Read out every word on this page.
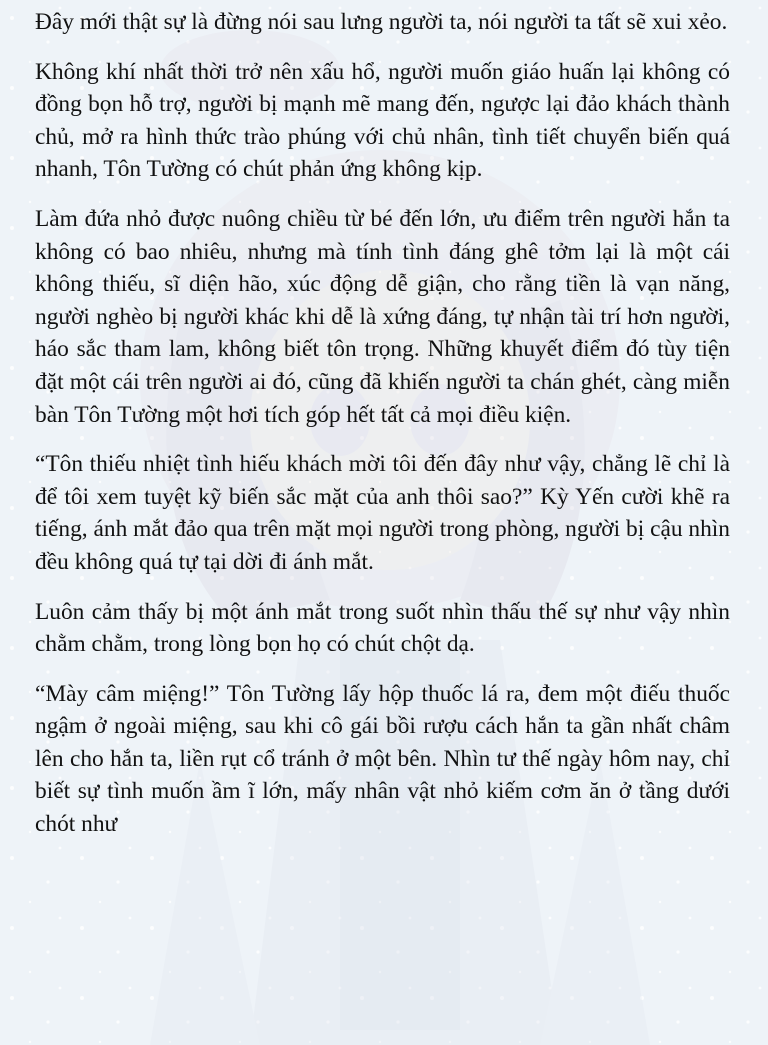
Đây mới thật sự là đừng nói sau lưng người ta, nói người ta tất sẽ xui xẻo.

Không khí nhất thời trở nên xấu hổ, người muốn giáo huấn lại không có đồng bọn hỗ trợ, người bị mạnh mẽ mang đến, ngược lại đảo khách thành chủ, mở ra hình thức trào phúng với chủ nhân, tình tiết chuyển biến quá nhanh, Tôn Tường có chút phản ứng không kịp.

Làm đứa nhỏ được nuông chiều từ bé đến lớn, ưu điểm trên người hắn ta không có bao nhiêu, nhưng mà tính tình đáng ghê tởm lại là một cái không thiếu, sĩ diện hão, xúc động dễ giận, cho rằng tiền là vạn năng, người nghèo bị người khác khi dễ là xứng đáng, tự nhận tài trí hơn người, háo sắc tham lam, không biết tôn trọng. Những khuyết điểm đó tùy tiện đặt một cái trên người ai đó, cũng đã khiến người ta chán ghét, càng miễn bàn Tôn Tường một hơi tích góp hết tất cả mọi điều kiện.

“Tôn thiếu nhiệt tình hiếu khách mời tôi đến đây như vậy, chẳng lẽ chỉ là để tôi xem tuyệt kỹ biến sắc mặt của anh thôi sao?” Kỳ Yến cười khẽ ra tiếng, ánh mắt đảo qua trên mặt mọi người trong phòng, người bị cậu nhìn đều không quá tự tại dời đi ánh mắt.

Luôn cảm thấy bị một ánh mắt trong suốt nhìn thấu thế sự như vậy nhìn chằm chằm, trong lòng bọn họ có chút chột dạ.

“Mày câm miệng!” Tôn Tường lấy hộp thuốc lá ra, đem một điếu thuốc ngậm ở ngoài miệng, sau khi cô gái bồi rượu cách hắn ta gần nhất châm lên cho hắn ta, liền rụt cổ tránh ở một bên. Nhìn tư thế ngày hôm nay, chỉ biết sự tình muốn ầm ĩ lớn, mấy nhân vật nhỏ kiếm cơm ăn ở tầng dưới chót như
